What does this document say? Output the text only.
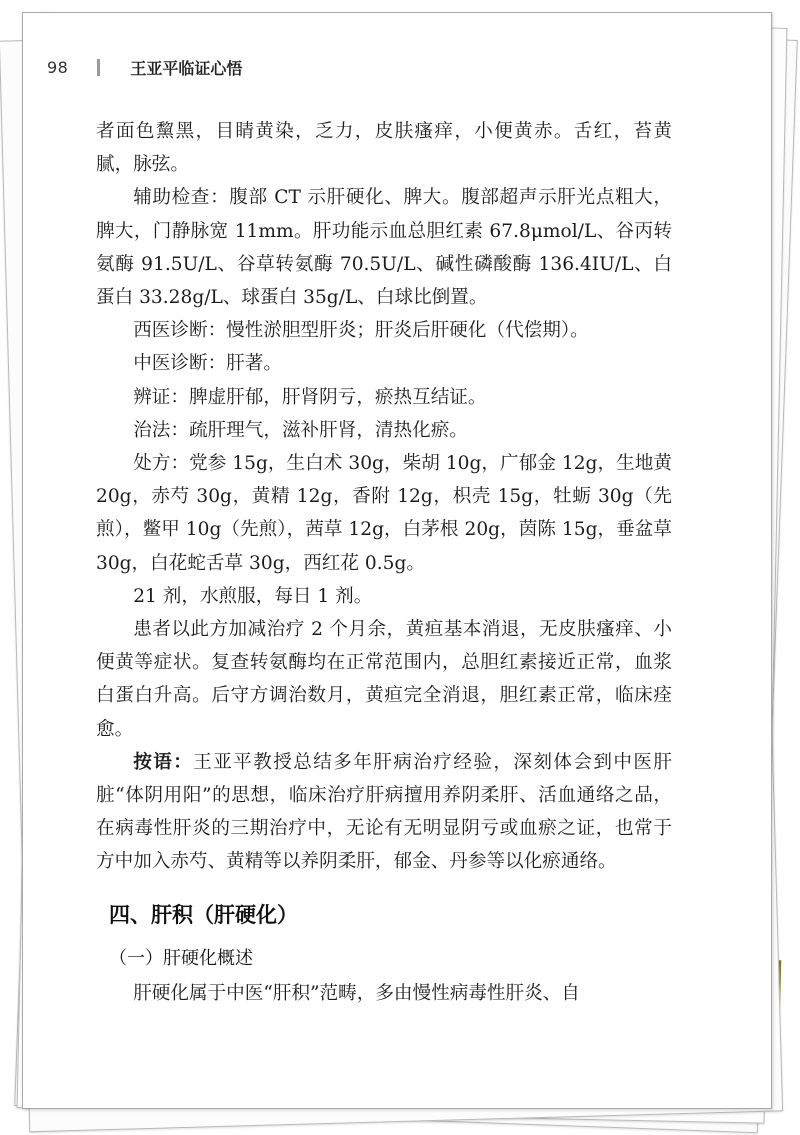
98	王亚平临证心悟

者面色黧黑，目睛黄染，乏力，皮肤瘙痒，小便黄赤。舌红，苔黄腻，脉弦。

辅助检查：腹部 CT 示肝硬化、脾大。腹部超声示肝光点粗大，脾大，门静脉宽 11mm。肝功能示血总胆红素 67.8μmol/L、谷丙转氨酶 91.5U/L、谷草转氨酶 70.5U/L、碱性磷酸酶 136.4IU/L、白蛋白 33.28g/L、球蛋白 35g/L、白球比倒置。

西医诊断：慢性淤胆型肝炎；肝炎后肝硬化（代偿期）。

中医诊断：肝著。

辨证：脾虚肝郁，肝肾阴亏，瘀热互结证。

治法：疏肝理气，滋补肝肾，清热化瘀。

处方：党参 15g，生白术 30g，柴胡 10g，广郁金 12g，生地黄 20g，赤芍 30g，黄精 12g，香附 12g，枳壳 15g，牡蛎 30g（先煎），鳖甲 10g（先煎），茜草 12g，白茅根 20g，茵陈 15g，垂盆草 30g，白花蛇舌草 30g，西红花 0.5g。

21 剂，水煎服，每日 1 剂。

患者以此方加减治疗 2 个月余，黄疸基本消退，无皮肤瘙痒、小便黄等症状。复查转氨酶均在正常范围内，总胆红素接近正常，血浆白蛋白升高。后守方调治数月，黄疸完全消退，胆红素正常，临床痊愈。

按语：王亚平教授总结多年肝病治疗经验，深刻体会到中医肝脏“体阴用阳”的思想，临床治疗肝病擅用养阴柔肝、活血通络之品，在病毒性肝炎的三期治疗中，无论有无明显阴亏或血瘀之证，也常于方中加入赤芍、黄精等以养阴柔肝，郁金、丹参等以化瘀通络。

四、肝积（肝硬化）
（一）肝硬化概述

肝硬化属于中医“肝积”范畴，多由慢性病毒性肝炎、自
